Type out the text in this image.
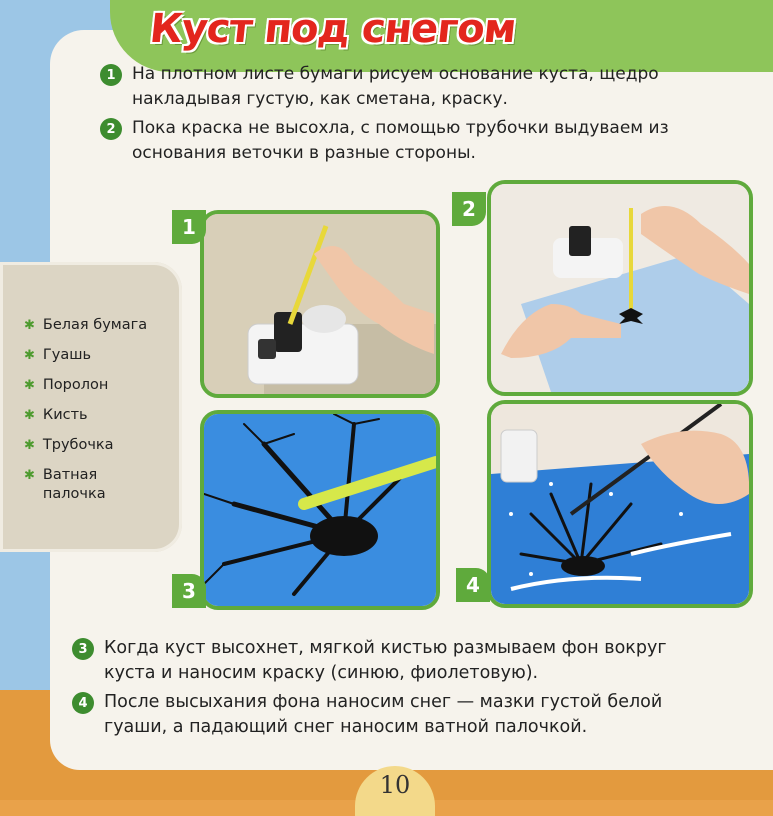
Куст под снегом
1 На плотном листе бумаги рисуем основание куста, щедро
накладывая густую, как сметана, краску.
2 Пока краска не высохла, с помощью трубочки выдуваем из
основания веточки в разные стороны.
✱ Белая бумага
✱ Гуашь
✱ Поролон
✱ Кисть
✱ Трубочка
✱ Ватная
палочка
1
2
3	4
3 Когда куст высохнет, мягкой кистью размываем фон вокруг
куста и наносим краску (синюю, фиолетовую).
4 После высыхания фона наносим снег — мазки густой белой
гуаши, а падающий снег наносим ватной палочкой.
10
